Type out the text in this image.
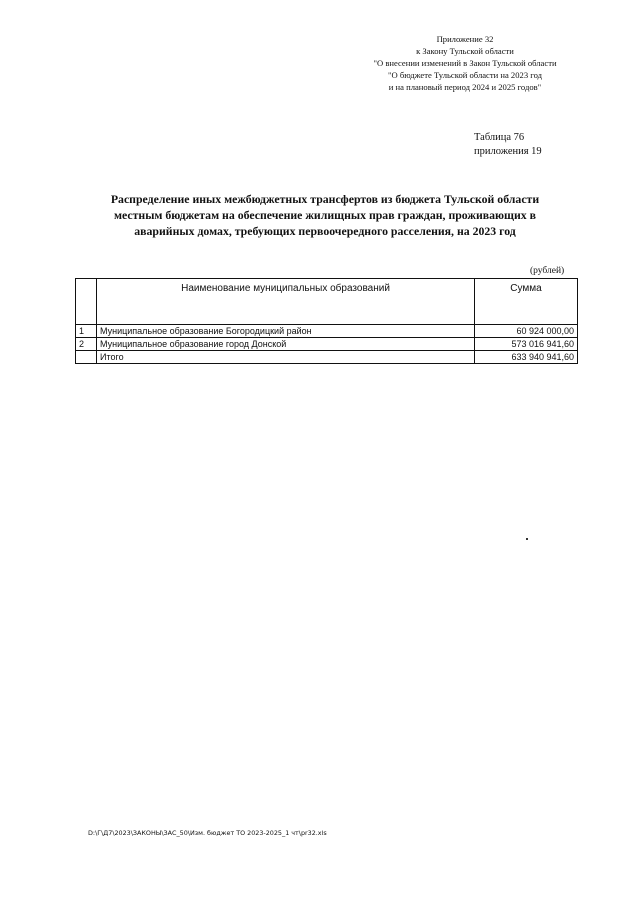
Приложение 32
к Закону Тульской области
"О внесении изменений в Закон Тульской области
"О бюджете Тульской области на 2023 год
и на плановый период 2024 и 2025 годов"
Таблица 76
приложения 19
Распределение иных межбюджетных трансфертов из бюджета Тульской области
местным бюджетам на обеспечение жилищных прав граждан, проживающих в
аварийных домах, требующих первоочередного расселения, на 2023 год
(рублей)
	Наименование муниципальных образований	Сумма
1	Муниципальное образование Богородицкий район	60 924 000,00
2	Муниципальное образование город Донской	573 016 941,60
	Итого	633 940 941,60
D:\Г\Д7\2023\ЗАКОНЫ\ЗАС_50\Изм. бюджет ТО 2023-2025_1 чт\pr32.xls
